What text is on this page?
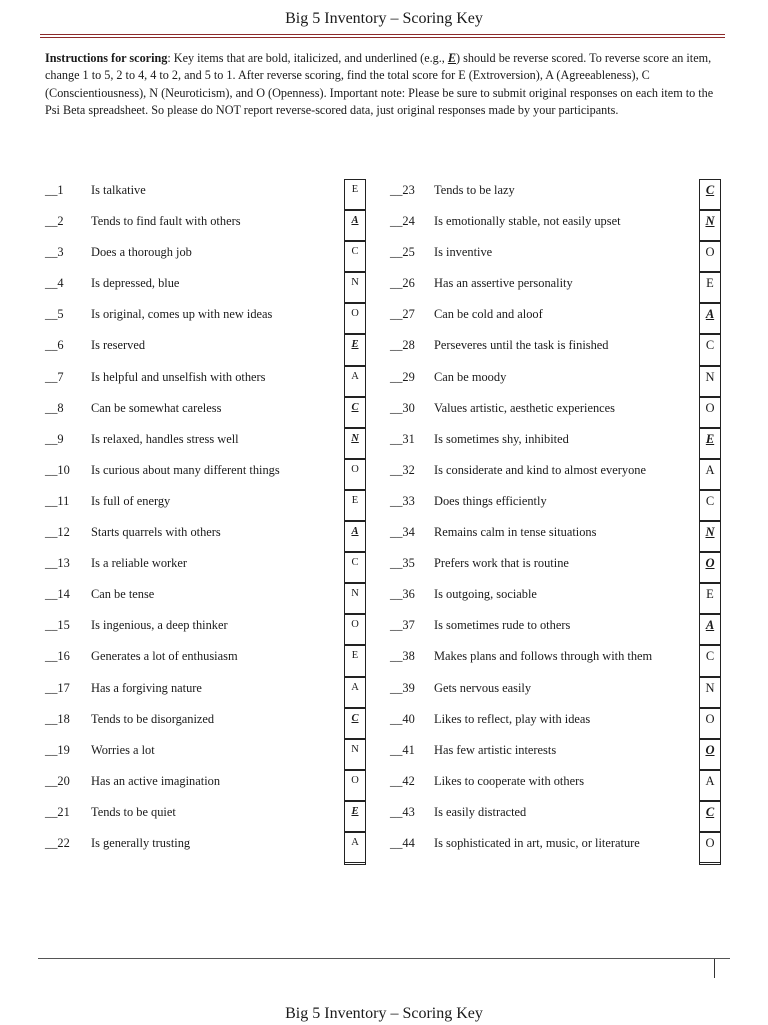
Big 5 Inventory – Scoring Key
Instructions for scoring: Key items that are bold, italicized, and underlined (e.g., E) should be reverse scored. To reverse score an item, change 1 to 5, 2 to 4, 4 to 2, and 5 to 1. After reverse scoring, find the total score for E (Extroversion), A (Agreeableness), C (Conscientiousness), N (Neuroticism), and O (Openness). Important note: Please be sure to submit original responses on each item to the Psi Beta spreadsheet. So please do NOT report reverse-scored data, just original responses made by your participants.
__1 Is talkative
__2 Tends to find fault with others
__3 Does a thorough job
__4 Is depressed, blue
__5 Is original, comes up with new ideas
__6 Is reserved
__7 Is helpful and unselfish with others
__8 Can be somewhat careless
__9 Is relaxed, handles stress well
__10 Is curious about many different things
__11 Is full of energy
__12 Starts quarrels with others
__13 Is a reliable worker
__14 Can be tense
__15 Is ingenious, a deep thinker
__16 Generates a lot of enthusiasm
__17 Has a forgiving nature
__18 Tends to be disorganized
__19 Worries a lot
__20 Has an active imagination
__21 Tends to be quiet
__22 Is generally trusting
E
A
C
N
O
E
A
C
N
O
E
A
C
N
O
E
A
C
N
O
E
A
__23 Tends to be lazy
__24 Is emotionally stable, not easily upset
__25 Is inventive
__26 Has an assertive personality
__27 Can be cold and aloof
__28 Perseveres until the task is finished
__29 Can be moody
__30 Values artistic, aesthetic experiences
__31 Is sometimes shy, inhibited
__32 Is considerate and kind to almost everyone
__33 Does things efficiently
__34 Remains calm in tense situations
__35 Prefers work that is routine
__36 Is outgoing, sociable
__37 Is sometimes rude to others
__38 Makes plans and follows through with them
__39 Gets nervous easily
__40 Likes to reflect, play with ideas
__41 Has few artistic interests
__42 Likes to cooperate with others
__43 Is easily distracted
__44 Is sophisticated in art, music, or literature
C
N
O
E
A
C
N
O
E
A
C
N
O
E
A
C
N
O
O
A
C
O
Big 5 Inventory – Scoring Key
